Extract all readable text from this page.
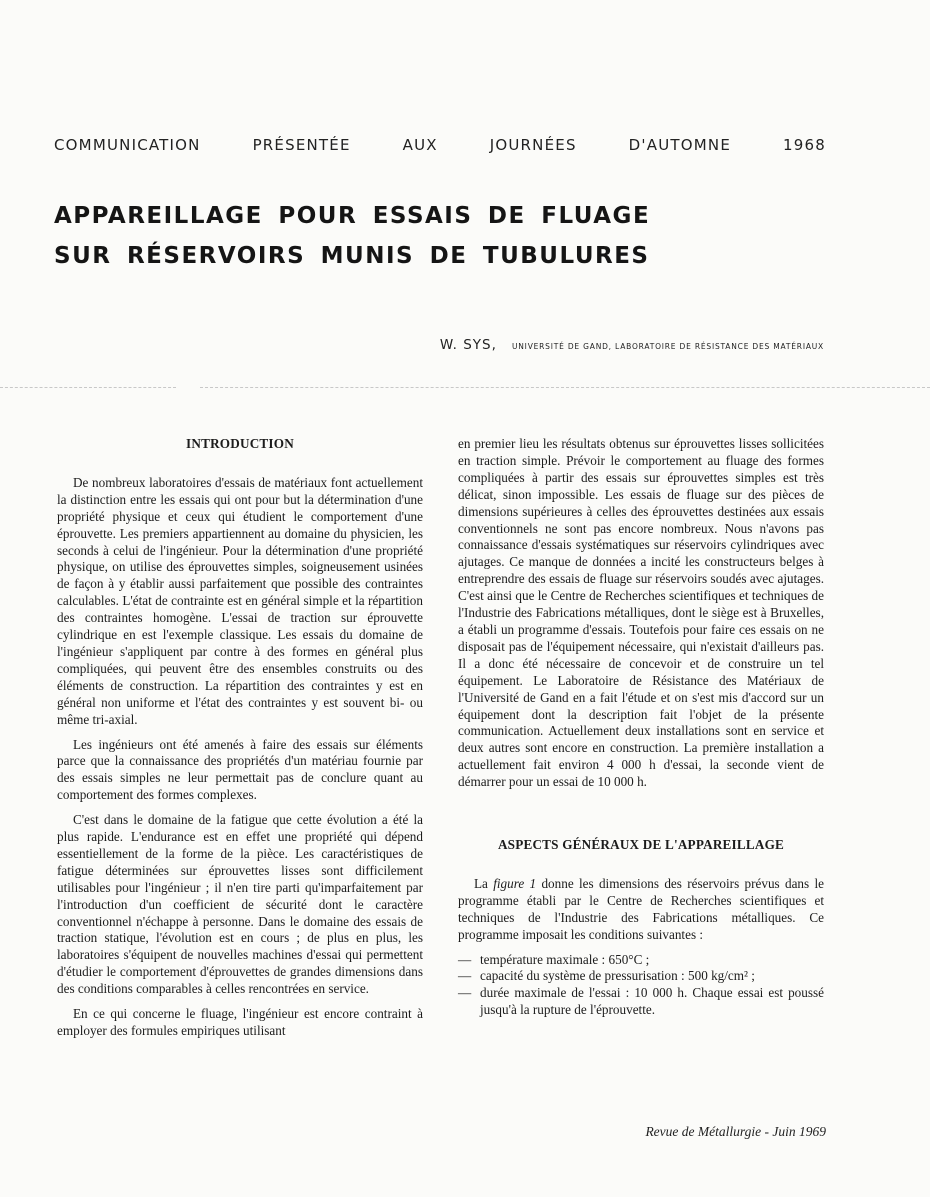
COMMUNICATION	PRÉSENTÉE	AUX	JOURNÉES	D'AUTOMNE	1968
APPAREILLAGE POUR ESSAIS DE FLUAGE
SUR RÉSERVOIRS MUNIS DE TUBULURES
W. SYS, UNIVERSITÉ DE GAND, LABORATOIRE DE RÉSISTANCE DES MATÉRIAUX
INTRODUCTION

De nombreux laboratoires d'essais de matériaux font actuellement la distinction entre les essais qui ont pour but la détermination d'une propriété physique et ceux qui étudient le comportement d'une éprouvette. Les premiers appartiennent au domaine du physicien, les seconds à celui de l'ingénieur. Pour la détermination d'une propriété physique, on utilise des éprouvettes simples, soigneusement usinées de façon à y établir aussi parfaitement que possible des contraintes calculables. L'état de contrainte est en général simple et la répartition des contraintes homogène. L'essai de traction sur éprouvette cylindrique en est l'exemple classique. Les essais du domaine de l'ingénieur s'appliquent par contre à des formes en général plus compliquées, qui peuvent être des ensembles construits ou des éléments de construction. La répartition des contraintes y est en général non uniforme et l'état des contraintes y est souvent bi- ou même tri-axial.

Les ingénieurs ont été amenés à faire des essais sur éléments parce que la connaissance des propriétés d'un matériau fournie par des essais simples ne leur permettait pas de conclure quant au comportement des formes complexes.

C'est dans le domaine de la fatigue que cette évolution a été la plus rapide. L'endurance est en effet une propriété qui dépend essentiellement de la forme de la pièce. Les caractéristiques de fatigue déterminées sur éprouvettes lisses sont difficilement utilisables pour l'ingénieur ; il n'en tire parti qu'imparfaitement par l'introduction d'un coefficient de sécurité dont le caractère conventionnel n'échappe à personne. Dans le domaine des essais de traction statique, l'évolution est en cours ; de plus en plus, les laboratoires s'équipent de nouvelles machines d'essai qui permettent d'étudier le comportement d'éprouvettes de grandes dimensions dans des conditions comparables à celles rencontrées en service.

En ce qui concerne le fluage, l'ingénieur est encore contraint à employer des formules empiriques utilisant

en premier lieu les résultats obtenus sur éprouvettes lisses sollicitées en traction simple. Prévoir le comportement au fluage des formes compliquées à partir des essais sur éprouvettes simples est très délicat, sinon impossible. Les essais de fluage sur des pièces de dimensions supérieures à celles des éprouvettes destinées aux essais conventionnels ne sont pas encore nombreux. Nous n'avons pas connaissance d'essais systématiques sur réservoirs cylindriques avec ajutages. Ce manque de données a incité les constructeurs belges à entreprendre des essais de fluage sur réservoirs soudés avec ajutages. C'est ainsi que le Centre de Recherches scientifiques et techniques de l'Industrie des Fabrications métalliques, dont le siège est à Bruxelles, a établi un programme d'essais. Toutefois pour faire ces essais on ne disposait pas de l'équipement nécessaire, qui n'existait d'ailleurs pas. Il a donc été nécessaire de concevoir et de construire un tel équipement. Le Laboratoire de Résistance des Matériaux de l'Université de Gand en a fait l'étude et on s'est mis d'accord sur un équipement dont la description fait l'objet de la présente communication. Actuellement deux installations sont en service et deux autres sont encore en construction. La première installation a actuellement fait environ 4 000 h d'essai, la seconde vient de démarrer pour un essai de 10 000 h.

ASPECTS GÉNÉRAUX DE L'APPAREILLAGE

La figure 1 donne les dimensions des réservoirs prévus dans le programme établi par le Centre de Recherches scientifiques et techniques de l'Industrie des Fabrications métalliques. Ce programme imposait les conditions suivantes :

— température maximale : 650°C ;
— capacité du système de pressurisation : 500 kg/cm² ;
— durée maximale de l'essai : 10 000 h. Chaque essai est poussé jusqu'à la rupture de l'éprouvette.
Revue de Métallurgie - Juin 1969
